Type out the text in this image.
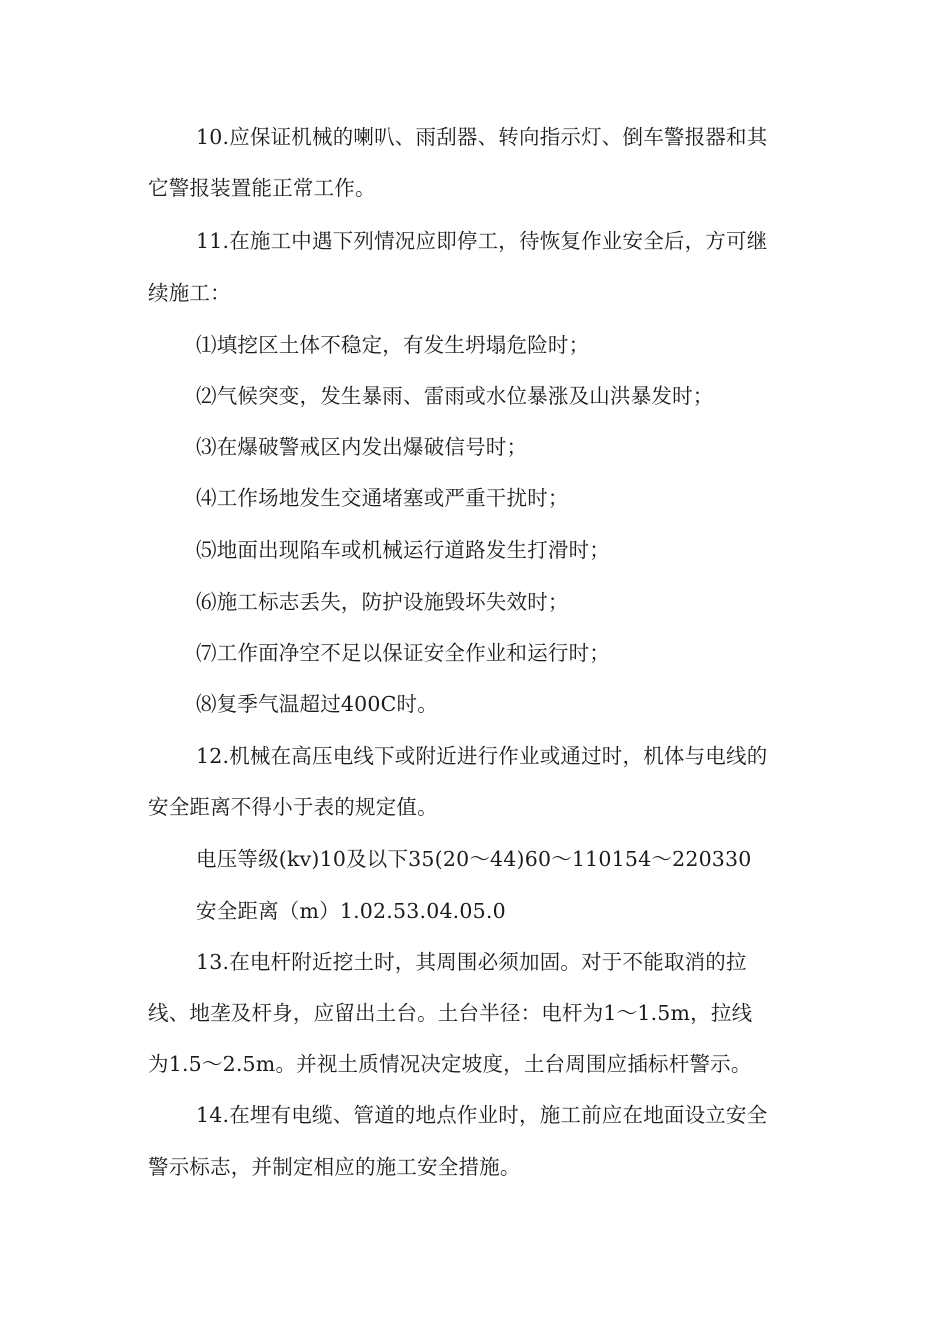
10.应保证机械的喇叭、雨刮器、转向指示灯、倒车警报器和其
它警报装置能正常工作。
11.在施工中遇下列情况应即停工，待恢复作业安全后，方可继
续施工：
⑴填挖区土体不稳定，有发生坍塌危险时；
⑵气候突变，发生暴雨、雷雨或水位暴涨及山洪暴发时；
⑶在爆破警戒区内发出爆破信号时；
⑷工作场地发生交通堵塞或严重干扰时；
⑸地面出现陷车或机械运行道路发生打滑时；
⑹施工标志丢失，防护设施毁坏失效时；
⑺工作面净空不足以保证安全作业和运行时；
⑻复季气温超过400C时。
12.机械在高压电线下或附近进行作业或通过时，机体与电线的
安全距离不得小于表的规定值。
电压等级(kv)10及以下35(20～44)60～110154～220330
安全距离（m）1.02.53.04.05.0
13.在电杆附近挖土时，其周围必须加固。对于不能取消的拉
线、地垄及杆身，应留出土台。土台半径：电杆为1～1.5m，拉线
为1.5～2.5m。并视土质情况决定坡度，土台周围应插标杆警示。
14.在埋有电缆、管道的地点作业时，施工前应在地面设立安全
警示标志，并制定相应的施工安全措施。
